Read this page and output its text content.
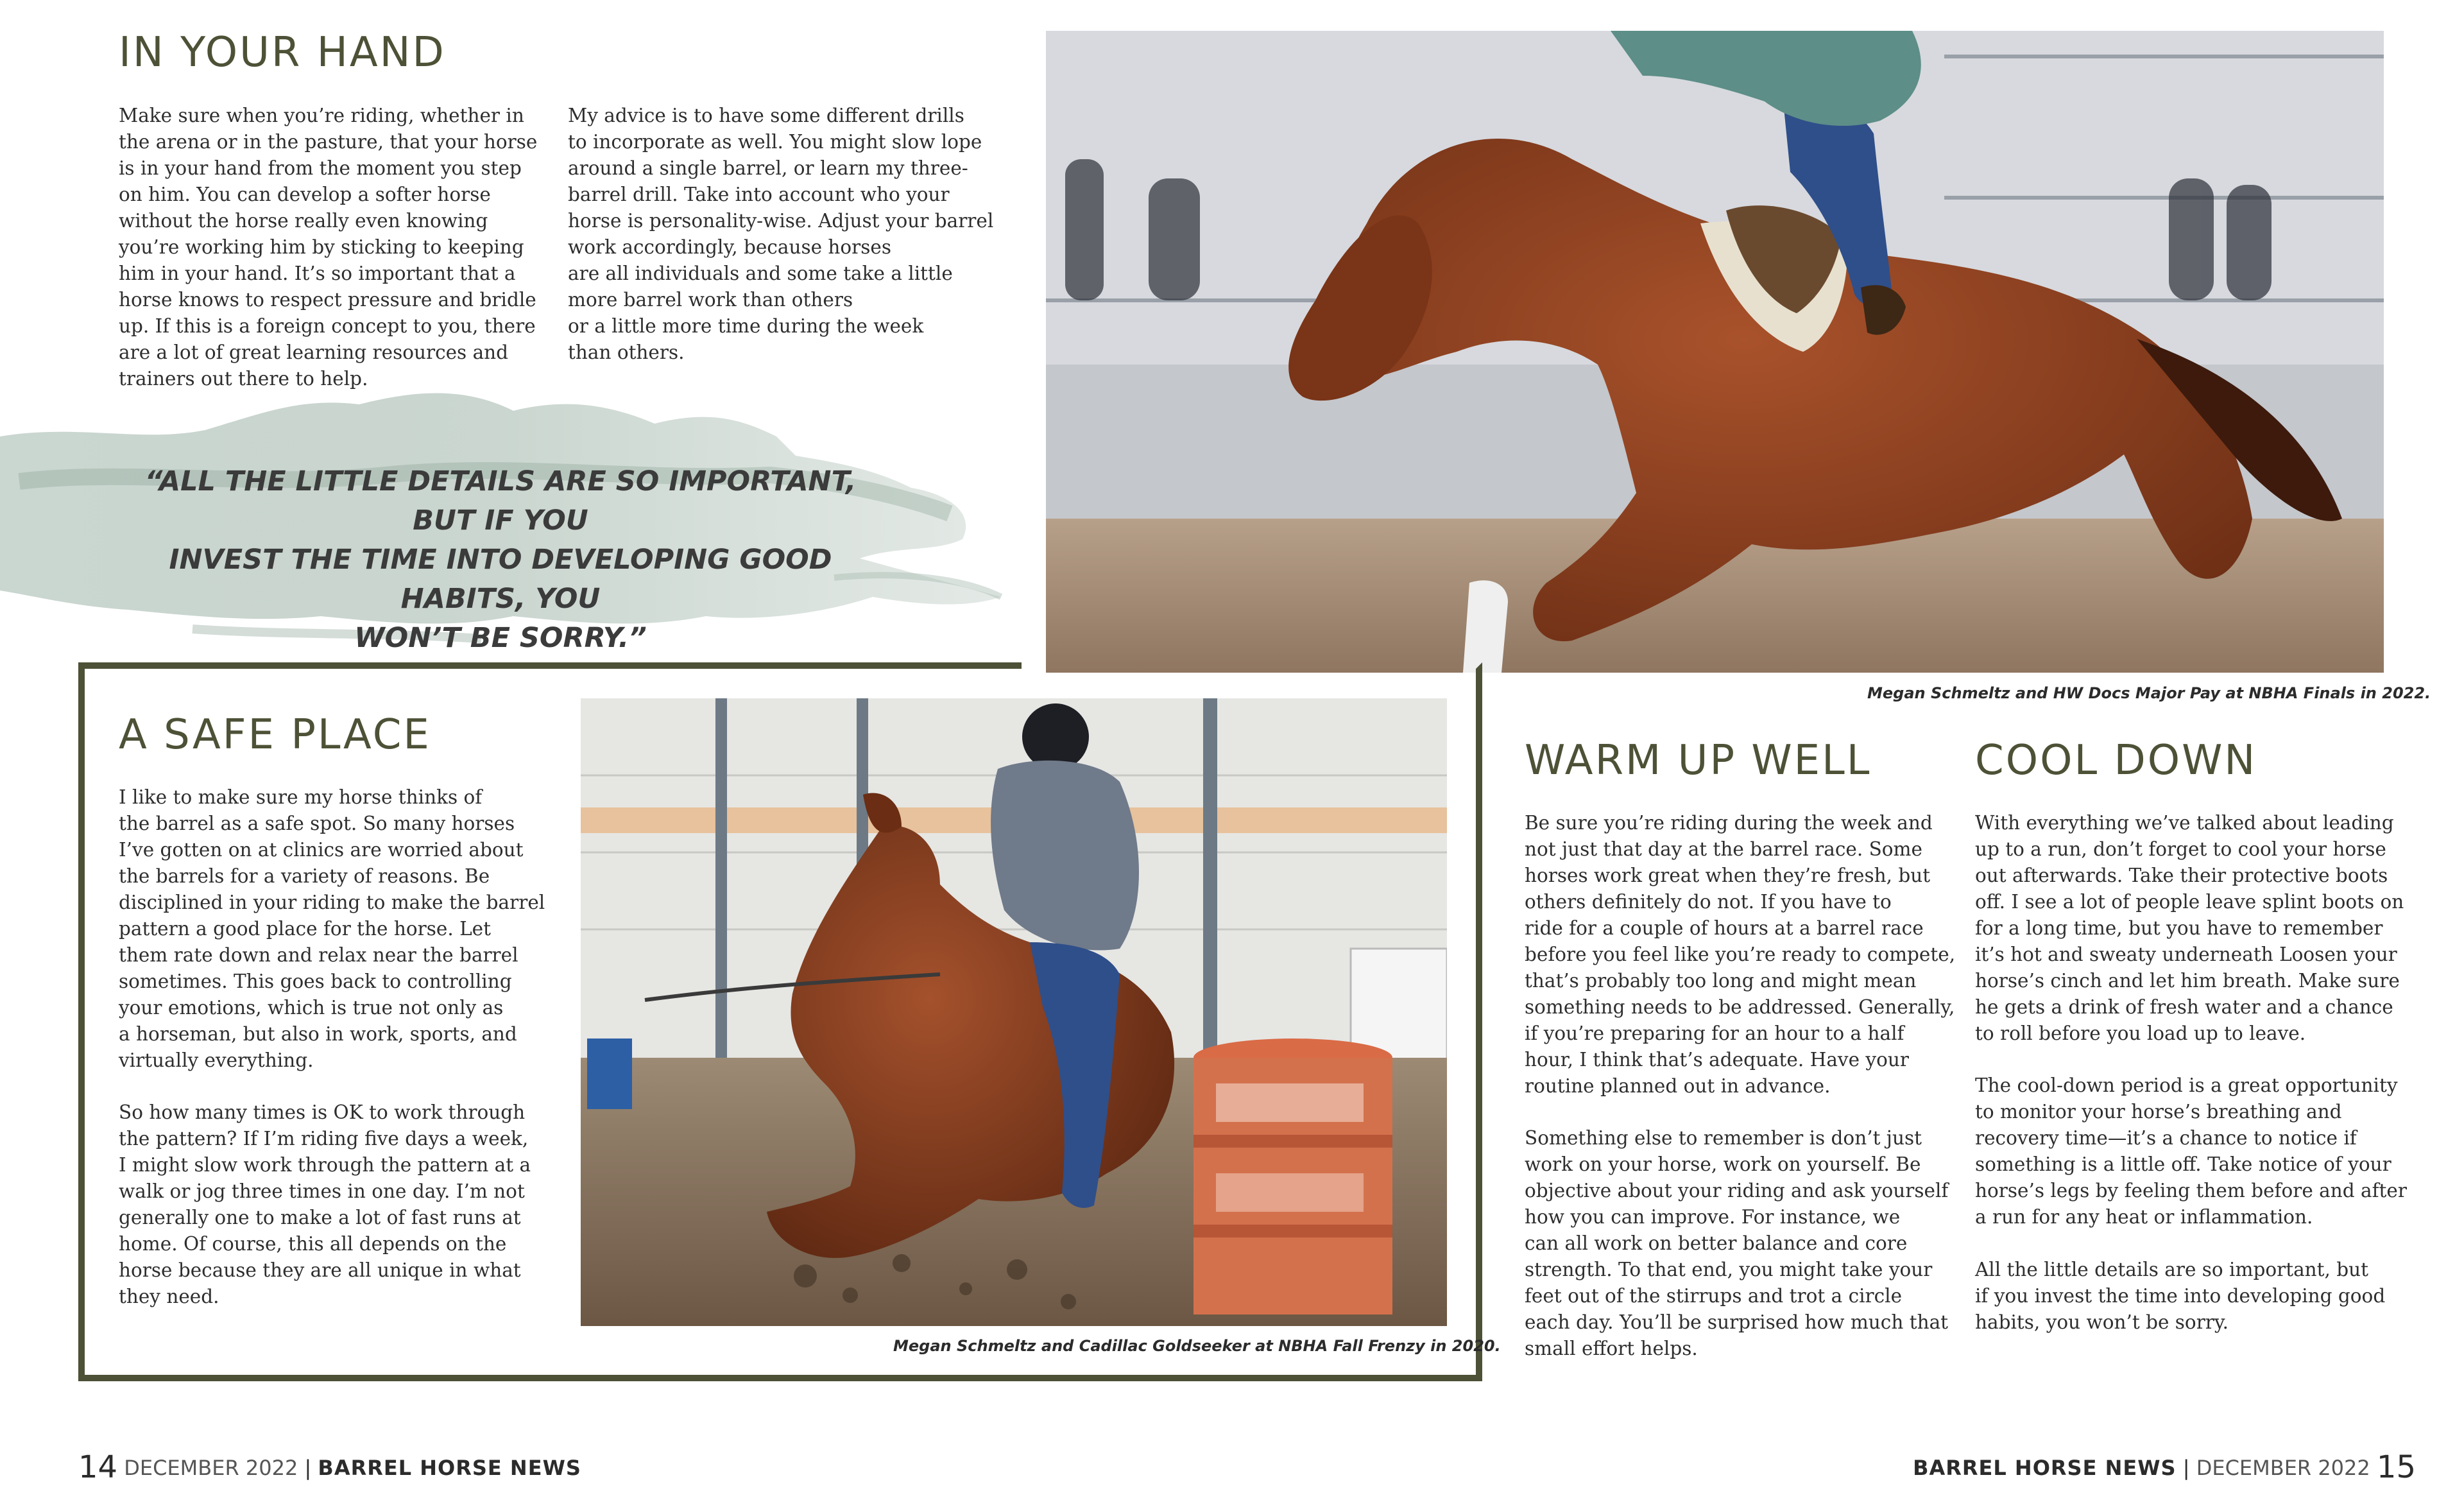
IN YOUR HAND

Make sure when you’re riding, whether in
the arena or in the pasture, that your horse
is in your hand from the moment you step
on him. You can develop a softer horse
without the horse really even knowing
you’re working him by sticking to keeping
him in your hand. It’s so important that a
horse knows to respect pressure and bridle
up. If this is a foreign concept to you, there
are a lot of great learning resources and
trainers out there to help.

My advice is to have some different drills
to incorporate as well. You might slow lope
around a single barrel, or learn my three-
barrel drill. Take into account who your
horse is personality-wise. Adjust your barrel
work accordingly, because horses
are all individuals and some take a little
more barrel work than others
or a little more time during the week
than others.

“ALL THE LITTLE DETAILS ARE SO IMPORTANT, BUT IF YOU
INVEST THE TIME INTO DEVELOPING GOOD HABITS, YOU
WON’T BE SORRY.”

Megan Schmeltz and HW Docs Major Pay at NBHA Finals in 2022.

A SAFE PLACE

I like to make sure my horse thinks of
the barrel as a safe spot. So many horses
I’ve gotten on at clinics are worried about
the barrels for a variety of reasons. Be
disciplined in your riding to make the barrel
pattern a good place for the horse. Let
them rate down and relax near the barrel
sometimes. This goes back to controlling
your emotions, which is true not only as
a horseman, but also in work, sports, and
virtually everything.

So how many times is OK to work through
the pattern? If I’m riding five days a week,
I might slow work through the pattern at a
walk or jog three times in one day. I’m not
generally one to make a lot of fast runs at
home. Of course, this all depends on the
horse because they are all unique in what
they need.

Megan Schmeltz and Cadillac Goldseeker at NBHA Fall Frenzy in 2020.

WARM UP WELL

Be sure you’re riding during the week and
not just that day at the barrel race. Some
horses work great when they’re fresh, but
others definitely do not. If you have to
ride for a couple of hours at a barrel race
before you feel like you’re ready to compete,
that’s probably too long and might mean
something needs to be addressed. Generally,
if you’re preparing for an hour to a half
hour, I think that’s adequate. Have your
routine planned out in advance.

Something else to remember is don’t just
work on your horse, work on yourself. Be
objective about your riding and ask yourself
how you can improve. For instance, we
can all work on better balance and core
strength. To that end, you might take your
feet out of the stirrups and trot a circle
each day. You’ll be surprised how much that
small effort helps.

COOL DOWN

With everything we’ve talked about leading
up to a run, don’t forget to cool your horse
out afterwards. Take their protective boots
off. I see a lot of people leave splint boots on
for a long time, but you have to remember
it’s hot and sweaty underneath Loosen your
horse’s cinch and let him breath. Make sure
he gets a drink of fresh water and a chance
to roll before you load up to leave.

The cool-down period is a great opportunity
to monitor your horse’s breathing and
recovery time—it’s a chance to notice if
something is a little off. Take notice of your
horse’s legs by feeling them before and after
a run for any heat or inflammation.

All the little details are so important, but
if you invest the time into developing good
habits, you won’t be sorry.

14 DECEMBER 2022 | BARREL HORSE NEWS	BARREL HORSE NEWS | DECEMBER 2022 15
